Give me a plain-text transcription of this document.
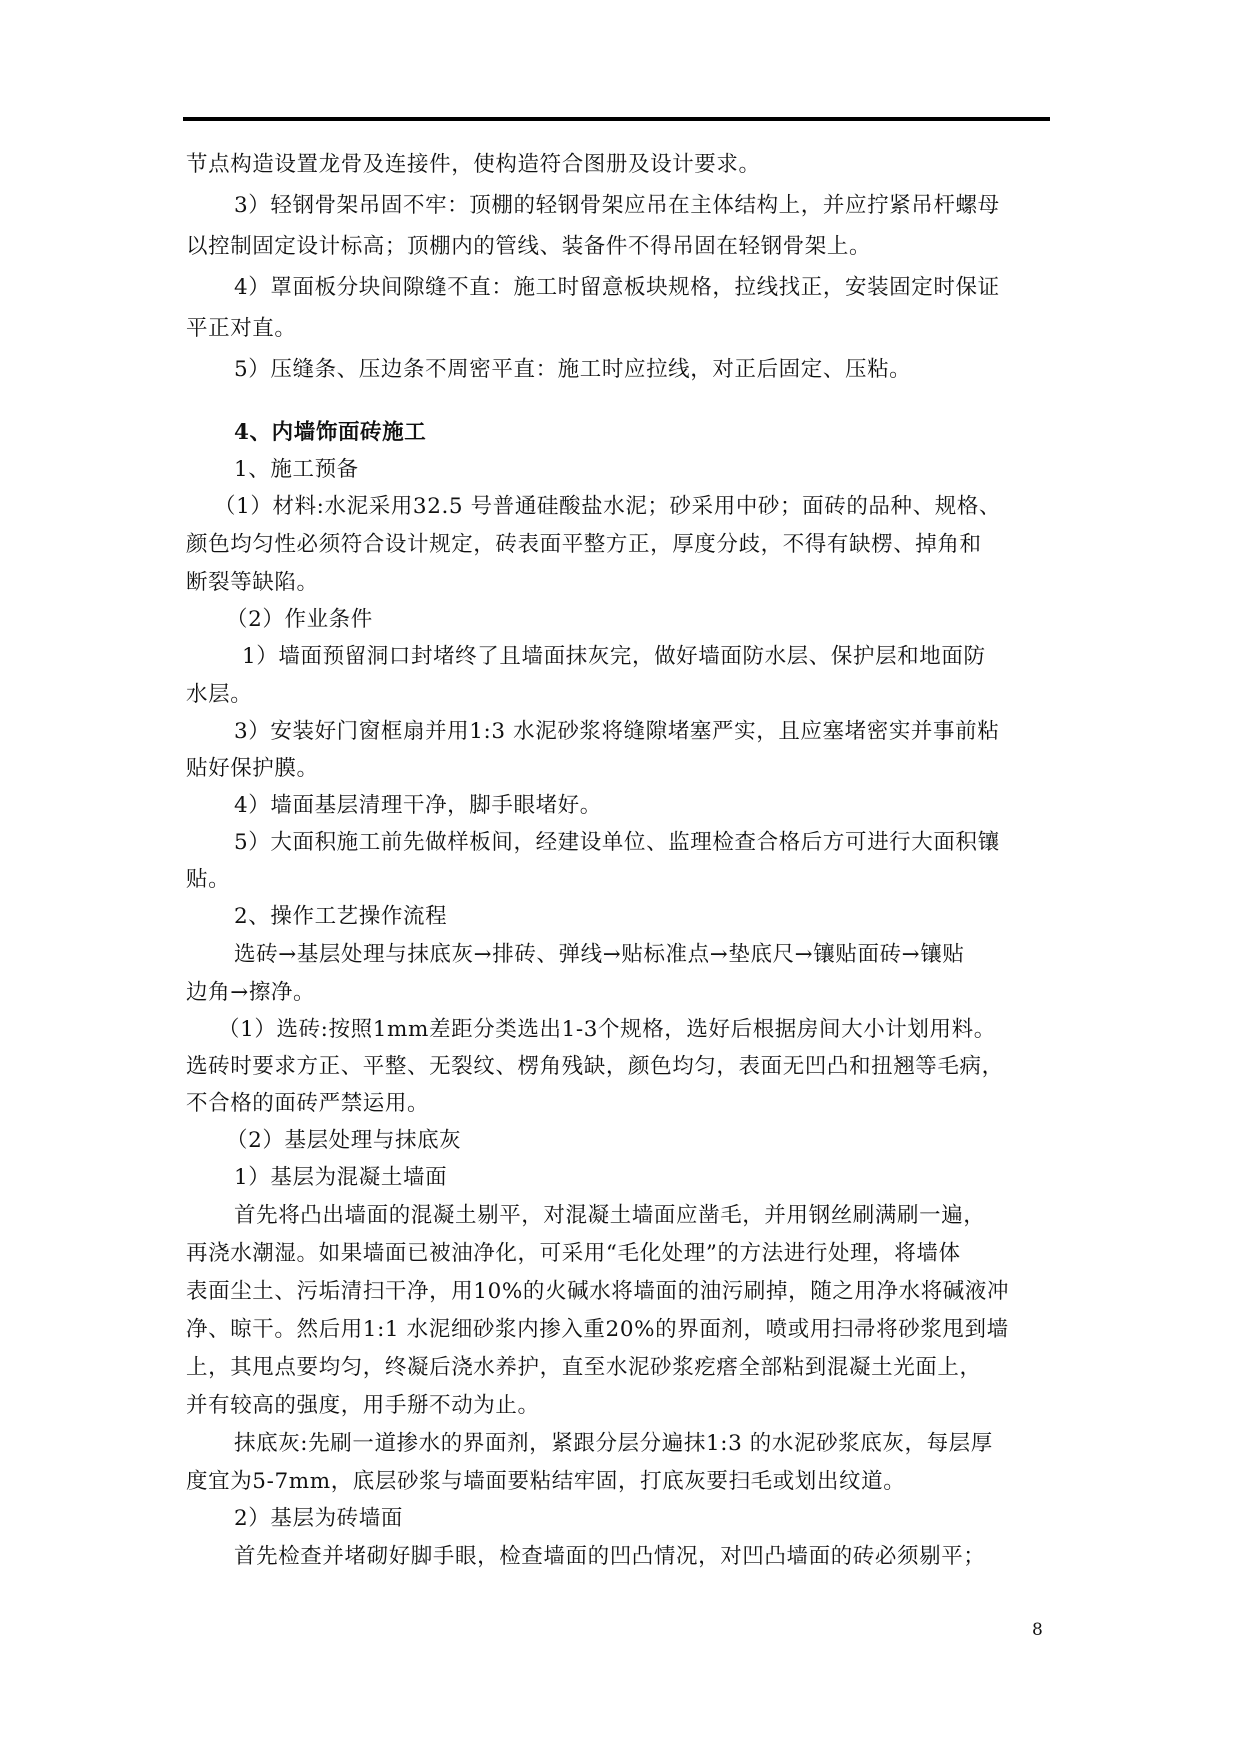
节点构造设置龙骨及连接件，使构造符合图册及设计要求。
3）轻钢骨架吊固不牢：顶棚的轻钢骨架应吊在主体结构上，并应拧紧吊杆螺母
以控制固定设计标高；顶棚内的管线、装备件不得吊固在轻钢骨架上。
4）罩面板分块间隙缝不直：施工时留意板块规格，拉线找正，安装固定时保证
平正对直。
5）压缝条、压边条不周密平直：施工时应拉线，对正后固定、压粘。
4、内墙饰面砖施工
1、施工预备
（1）材料:水泥采用32.5 号普通硅酸盐水泥；砂采用中砂；面砖的品种、规格、
颜色均匀性必须符合设计规定，砖表面平整方正，厚度分歧，不得有缺楞、掉角和
断裂等缺陷。
（2）作业条件
1）墙面预留洞口封堵终了且墙面抹灰完，做好墙面防水层、保护层和地面防
水层。
3）安装好门窗框扇并用1:3 水泥砂浆将缝隙堵塞严实，且应塞堵密实并事前粘
贴好保护膜。
4）墙面基层清理干净，脚手眼堵好。
5）大面积施工前先做样板间，经建设单位、监理检查合格后方可进行大面积镶
贴。
2、操作工艺操作流程
选砖→基层处理与抹底灰→排砖、弹线→贴标准点→垫底尺→镶贴面砖→镶贴
边角→擦净。
（1）选砖:按照1mm差距分类选出1-3个规格，选好后根据房间大小计划用料。
选砖时要求方正、平整、无裂纹、楞角残缺，颜色均匀，表面无凹凸和扭翘等毛病，
不合格的面砖严禁运用。
（2）基层处理与抹底灰
1）基层为混凝土墙面
首先将凸出墙面的混凝土剔平，对混凝土墙面应凿毛，并用钢丝刷满刷一遍，
再浇水潮湿。如果墙面已被油净化，可采用“毛化处理”的方法进行处理，将墙体
表面尘土、污垢清扫干净，用10%的火碱水将墙面的油污刷掉，随之用净水将碱液冲
净、晾干。然后用1:1 水泥细砂浆内掺入重20%的界面剂，喷或用扫帚将砂浆甩到墙
上，其甩点要均匀，终凝后浇水养护，直至水泥砂浆疙瘩全部粘到混凝土光面上，
并有较高的强度，用手掰不动为止。
抹底灰:先刷一道掺水的界面剂，紧跟分层分遍抹1:3 的水泥砂浆底灰，每层厚
度宜为5-7mm，底层砂浆与墙面要粘结牢固，打底灰要扫毛或划出纹道。
2）基层为砖墙面
首先检查并堵砌好脚手眼，检查墙面的凹凸情况，对凹凸墙面的砖必须剔平；
8
